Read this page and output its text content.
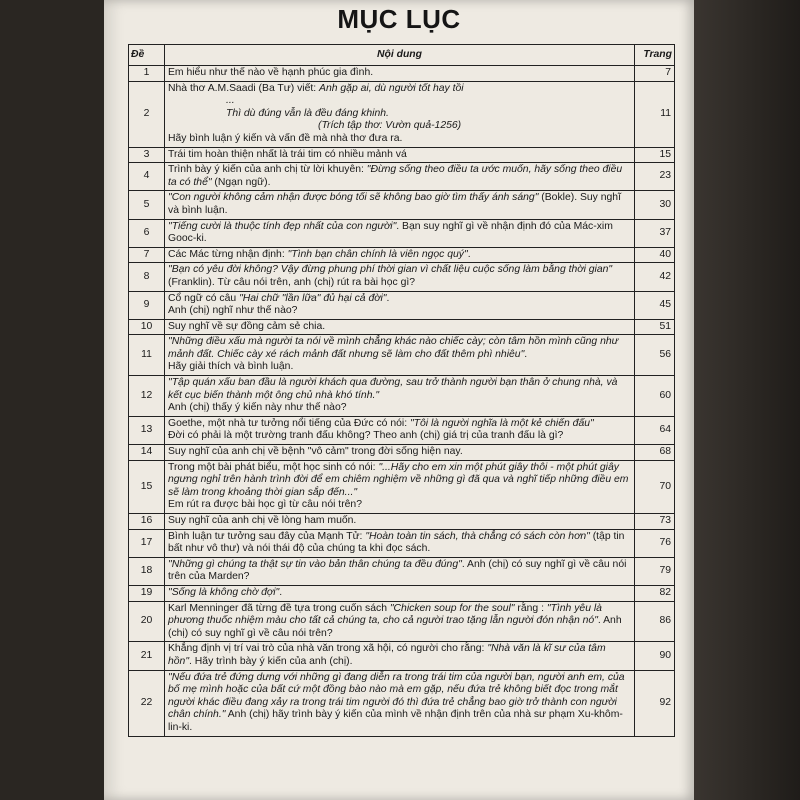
MỤC LỤC
Đề	Nội dung	Trang
1	Em hiểu như thế nào về hạnh phúc gia đình.	7
2	Nhà thơ A.M.Saadi (Ba Tư) viết: Anh gặp ai, dù người tốt hay tồi
...
Thì dù đúng vẫn là đều đáng khinh.
(Trích tập thơ: Vườn quả-1256)
Hãy bình luận ý kiến và vấn đề mà nhà thơ đưa ra.	11
3	Trái tim hoàn thiện nhất là trái tim có nhiều mảnh vá	15
4	Trình bày ý kiến của anh chị từ lời khuyên: "Đừng sống theo điều ta ước muốn, hãy sống theo điều ta có thể" (Ngạn ngữ).	23
5	"Con người không cảm nhận được bóng tối sẽ không bao giờ tìm thấy ánh sáng" (Bokle). Suy nghĩ và bình luận.	30
6	"Tiếng cười là thuộc tính đẹp nhất của con người". Bạn suy nghĩ gì về nhận định đó của Mác-xim Gooc-ki.	37
7	Các Mác từng nhận định: "Tình bạn chân chính là viên ngọc quý".	40
8	"Bạn có yêu đời không? Vậy đừng phung phí thời gian vì chất liệu cuộc sống làm bằng thời gian" (Franklin). Từ câu nói trên, anh (chị) rút ra bài học gì?	42
9	Cổ ngữ có câu "Hai chữ "lần lữa" đủ hại cả đời".
Anh (chị) nghĩ như thế nào?	45
10	Suy nghĩ về sự đồng cảm sẻ chia.	51
11	"Những điều xấu mà người ta nói về mình chẳng khác nào chiếc cày; còn tâm hồn mình cũng như mảnh đất. Chiếc cày xé rách mảnh đất nhưng sẽ làm cho đất thêm phì nhiêu".
Hãy giải thích và bình luận.	56
12	"Tập quán xấu ban đầu là người khách qua đường, sau trở thành người bạn thân ở chung nhà, và kết cục biến thành một ông chủ nhà khó tính."
Anh (chị) thấy ý kiến này như thế nào?	60
13	Goethe, một nhà tư tưởng nổi tiếng của Đức có nói: "Tôi là người nghĩa là một kẻ chiến đấu"
Đời có phải là một trường tranh đấu không? Theo anh (chị) giá trị của tranh đấu là gì?	64
14	Suy nghĩ của anh chị về bệnh "vô cảm" trong đời sống hiện nay.	68
15	Trong một bài phát biểu, một học sinh có nói: "...Hãy cho em xin một phút giây thôi - một phút giây ngưng nghỉ trên hành trình đời để em chiêm nghiệm về những gì đã qua và nghĩ tiếp những điều em sẽ làm trong khoảng thời gian sắp đến..."
Em rút ra được bài học gì từ câu nói trên?	70
16	Suy nghĩ của anh chị về lòng ham muốn.	73
17	Bình luận tư tưởng sau đây của Mạnh Tử: "Hoàn toàn tin sách, thà chẳng có sách còn hơn" (tập tin bất như vô thư) và nói thái độ của chúng ta khi đọc sách.	76
18	"Những gì chúng ta thật sự tin vào bản thân chúng ta đều đúng". Anh (chị) có suy nghĩ gì về câu nói trên của Marden?	79
19	"Sống là không chờ đợi".	82
20	Karl Menninger đã từng đề tựa trong cuốn sách "Chicken soup for the soul" rằng : "Tình yêu là phương thuốc nhiệm màu cho tất cả chúng ta, cho cả người trao tặng lẫn người đón nhận nó". Anh (chị) có suy nghĩ gì về câu nói trên?	86
21	Khẳng định vị trí vai trò của nhà văn trong xã hội, có người cho rằng: "Nhà văn là kĩ sư của tâm hồn". Hãy trình bày ý kiến của anh (chị).	90
22	"Nếu đứa trẻ đứng dưng với những gì đang diễn ra trong trái tim của người bạn, người anh em, của bố mẹ mình hoặc của bất cứ một đồng bào nào mà em gặp, nếu đứa trẻ không biết đọc trong mắt người khác điều đang xảy ra trong trái tim người đó thì đứa trẻ chẳng bao giờ trở thành con người chân chính." Anh (chị) hãy trình bày ý kiến của mình về nhận định trên của nhà sư phạm Xu-khôm-lin-ki.	92
